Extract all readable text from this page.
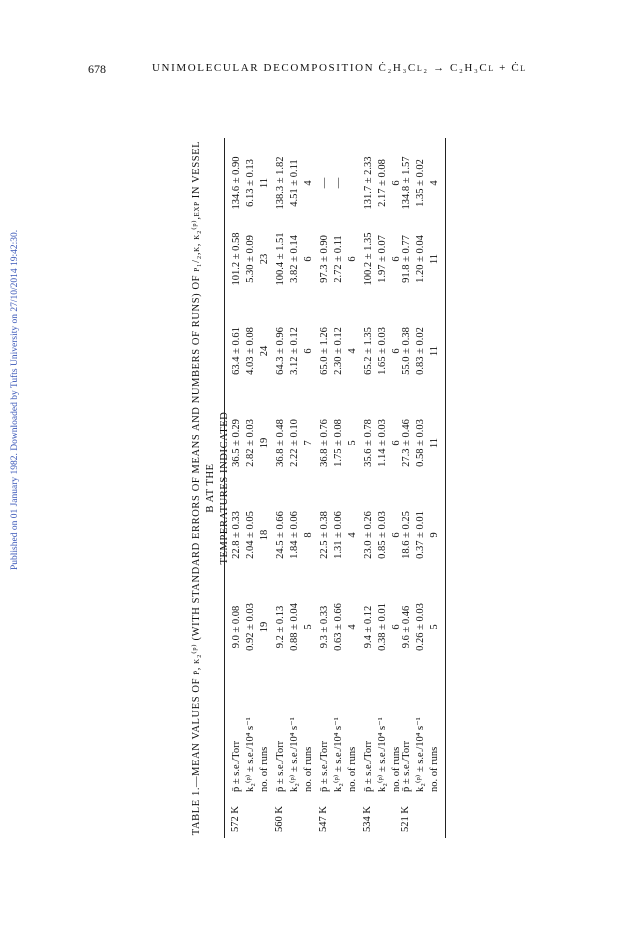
678	UNIMOLECULAR DECOMPOSITION Ċ₂H₃Cl₂ → C₂H₃Cl + Ċl
Published on 01 January 1982. Downloaded by Tufts University on 27/10/2014 19:42:30.	TABLE 1.—MEAN VALUES OF p̄, k₂⁽ᵖ⁾ (WITH STANDARD ERRORS OF MEANS AND NUMBERS OF RUNS) OF p₁/₂,k, k₂⁽ᵖ⁾,exp IN VESSEL B AT THE TEMPERATURES INDICATED
572 K
p̄ ± s.e./Torr k₂⁽ᵖ⁾ ± s.e./10⁴ s⁻¹ no. of runs
9.0 ± 0.08 0.92 ± 0.03 19
22.8 ± 0.33 2.04 ± 0.05 18
36.5 ± 0.29 2.82 ± 0.03 19
63.4 ± 0.61 4.03 ± 0.08 24
101.2 ± 0.58 5.30 ± 0.09 23
134.6 ± 0.90 6.13 ± 0.13 11
560 K
p̄ ± s.e./Torr k₂⁽ᵖ⁾ ± s.e./10⁴ s⁻¹ no. of runs
9.2 ± 0.13 0.88 ± 0.04 5
24.5 ± 0.66 1.84 ± 0.06 8
36.8 ± 0.48 2.22 ± 0.10 7
64.3 ± 0.96 3.12 ± 0.12 6
100.4 ± 1.51 3.82 ± 0.14 6
138.3 ± 1.82 4.51 ± 0.11 4
547 K
p̄ ± s.e./Torr k₂⁽ᵖ⁾ ± s.e./10⁴ s⁻¹ no. of runs
9.3 ± 0.33 0.63 ± 0.66 4
22.5 ± 0.38 1.31 ± 0.06 4
36.8 ± 0.76 1.75 ± 0.08 5
65.0 ± 1.26 2.30 ± 0.12 4
97.3 ± 0.90 2.72 ± 0.11 6
— —
534 K
p̄ ± s.e./Torr k₂⁽ᵖ⁾ ± s.e./10⁴ s⁻¹ no. of runs
9.4 ± 0.12 0.38 ± 0.01 6
23.0 ± 0.26 0.85 ± 0.03 6
35.6 ± 0.78 1.14 ± 0.03 6
65.2 ± 1.35 1.65 ± 0.03 6
100.2 ± 1.35 1.97 ± 0.07 6
131.7 ± 2.33 2.17 ± 0.08 6
521 K
p̄ ± s.e./Torr k₂⁽ᵖ⁾ ± s.e./10⁴ s⁻¹ no. of runs
9.6 ± 0.46 0.26 ± 0.03 5
18.6 ± 0.25 0.37 ± 0.01 9
27.3 ± 0.46 0.58 ± 0.03 11
55.0 ± 0.38 0.83 ± 0.02 11
91.8 ± 0.77 1.20 ± 0.04 11
134.8 ± 1.57 1.35 ± 0.02 4
